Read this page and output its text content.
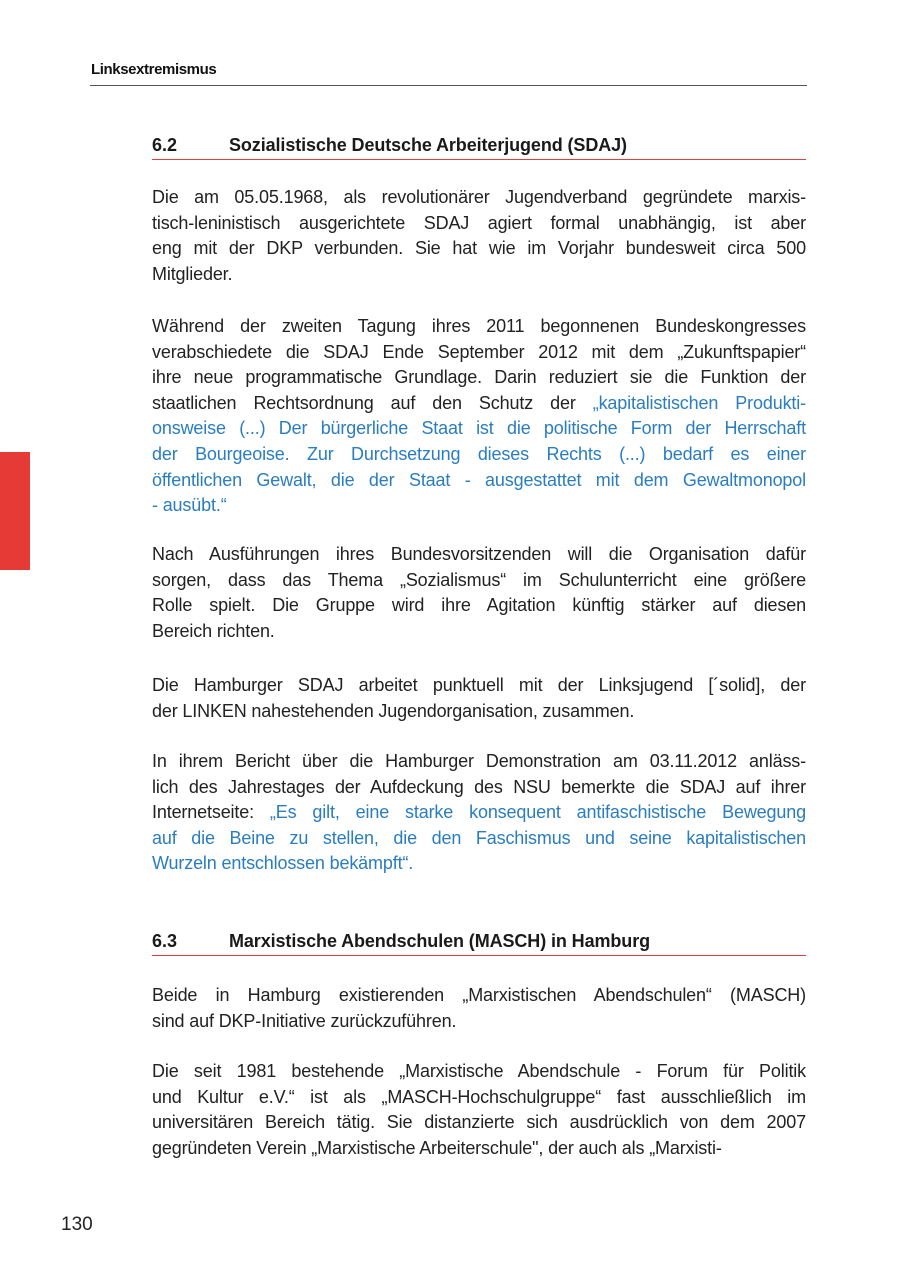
Linksextremismus
6.2	Sozialistische Deutsche Arbeiterjugend (SDAJ)
6.3	Marxistische Abendschulen (MASCH) in Hamburg
Die am 05.05.1968, als revolutionärer Jugendverband gegründete marxis-
tisch-leninistisch ausgerichtete SDAJ agiert formal unabhängig, ist aber
eng mit der DKP verbunden. Sie hat wie im Vorjahr bundesweit circa 500
Mitglieder.
Während der zweiten Tagung ihres 2011 begonnenen Bundeskongresses
verabschiedete die SDAJ Ende September 2012 mit dem „Zukunftspapier“
ihre neue programmatische Grundlage. Darin reduziert sie die Funktion der
staatlichen Rechtsordnung auf den Schutz der „kapitalistischen Produkti-
onsweise (...) Der bürgerliche Staat ist die politische Form der Herrschaft
der Bourgeoise. Zur Durchsetzung dieses Rechts (...) bedarf es einer
öffentlichen Gewalt, die der Staat - ausgestattet mit dem Gewaltmonopol
- ausübt.“
Nach Ausführungen ihres Bundesvorsitzenden will die Organisation dafür
sorgen, dass das Thema „Sozialismus“ im Schulunterricht eine größere
Rolle spielt. Die Gruppe wird ihre Agitation künftig stärker auf diesen
Bereich richten.
Die Hamburger SDAJ arbeitet punktuell mit der Linksjugend [´solid], der
der LINKEN nahestehenden Jugendorganisation, zusammen.
In ihrem Bericht über die Hamburger Demonstration am 03.11.2012 anläss-
lich des Jahrestages der Aufdeckung des NSU bemerkte die SDAJ auf ihrer
Internetseite: „Es gilt, eine starke konsequent antifaschistische Bewegung
auf die Beine zu stellen, die den Faschismus und seine kapitalistischen
Wurzeln entschlossen bekämpft“.
Beide in Hamburg existierenden „Marxistischen Abendschulen“ (MASCH)
sind auf DKP-Initiative zurückzuführen.
Die seit 1981 bestehende „Marxistische Abendschule - Forum für Politik
und Kultur e.V.“ ist als „MASCH-Hochschulgruppe“ fast ausschließlich im
universitären Bereich tätig. Sie distanzierte sich ausdrücklich von dem 2007
gegründeten Verein „Marxistische Arbeiterschule", der auch als „Marxisti-
130
